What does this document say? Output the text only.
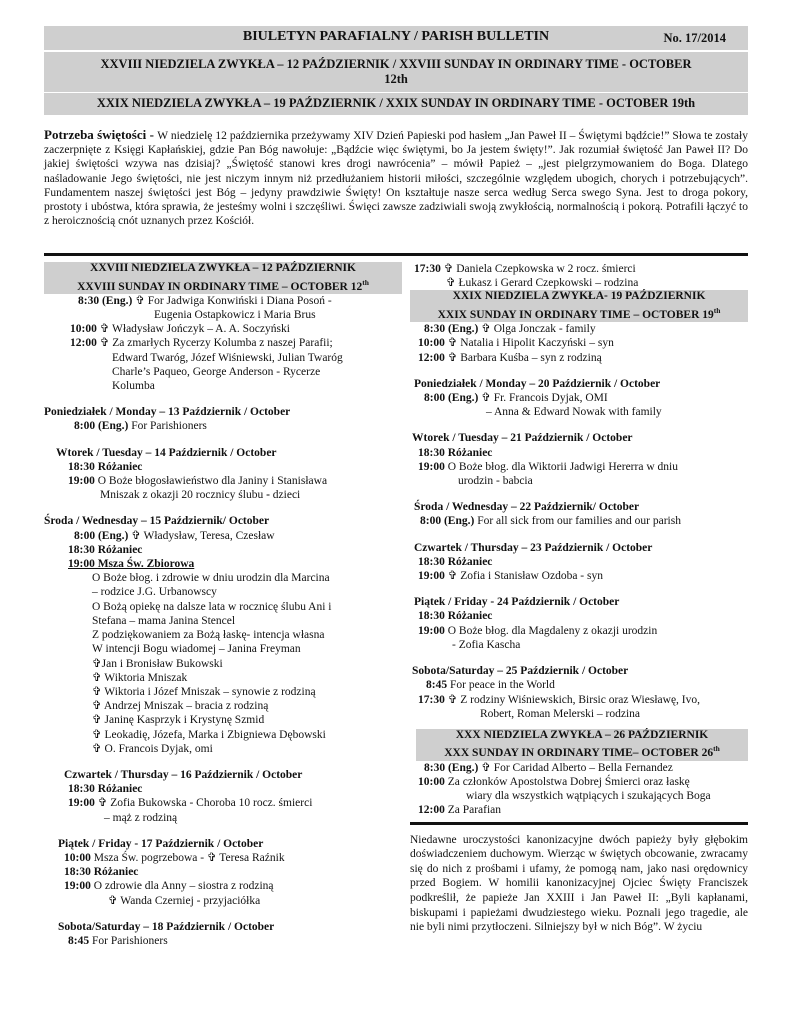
BIULETYN PARAFIALNY / PARISH BULLETIN	No. 17/2014
XXVIII NIEDZIELA ZWYKŁA – 12 PAŹDZIERNIK / XXVIII SUNDAY IN ORDINARY TIME - OCTOBER
12th
XXIX NIEDZIELA ZWYKŁA – 19 PAŹDZIERNIK / XXIX SUNDAY IN ORDINARY TIME - OCTOBER 19th
Potrzeba świętości - W niedzielę 12 października przeżywamy XIV Dzień Papieski pod hasłem „Jan Paweł II – Świętymi bądźcie!” Słowa te zostały zaczerpnięte z Księgi Kapłańskiej, gdzie Pan Bóg nawołuje: „Bądźcie więc świętymi, bo Ja jestem święty!”. Jak rozumiał świętość Jan Paweł II? Do jakiej świętości wzywa nas dzisiaj? „Świętość stanowi kres drogi nawrócenia” – mówił Papież – „jest pielgrzymowaniem do Boga. Dlatego naśladowanie Jego świętości, nie jest niczym innym niż przedłużaniem historii miłości, szczególnie względem ubogich, chorych i potrzebujących”. Fundamentem naszej świętości jest Bóg – jedyny prawdziwie Święty! On kształtuje nasze serca według Serca swego Syna. Jest to droga pokory, prostoty i ubóstwa, która sprawia, że jesteśmy wolni i szczęśliwi. Święci zawsze zadziwiali swoją zwykłością, normalnością i pokorą. Potrafili łączyć to z heroicznością cnót uznanych przez Kościół.
XXVIII NIEDZIELA ZWYKŁA – 12 PAŹDZIERNIK
XXVIII SUNDAY IN ORDINARY TIME – OCTOBER 12th
8:30 (Eng.) ✞ For Jadwiga Konwiński i Diana Posoń -
Eugenia Ostapkowicz i Maria Brus
10:00 ✞ Władysław Jończyk – A. A. Soczyński
12:00 ✞ Za zmarłych Rycerzy Kolumba z naszej Parafii;
Edward Twaróg, Józef Wiśniewski, Julian Twaróg
Charle’s Paqueo, George Anderson - Rycerze
Kolumba
Poniedziałek / Monday – 13 Październik / October
8:00 (Eng.) For Parishioners
Wtorek / Tuesday – 14 Październik / October
18:30 Różaniec
19:00 O Boże błogosławieństwo dla Janiny i Stanisława
Mniszak z okazji 20 rocznicy ślubu - dzieci
Środa / Wednesday – 15 Październik/ October
8:00 (Eng.) ✞ Władysław, Teresa, Czesław
18:30 Różaniec
19:00 Msza Św. Zbiorowa
O Boże błog. i zdrowie w dniu urodzin dla Marcina
– rodzice J.G. Urbanowscy
O Bożą opiekę na dalsze lata w rocznicę ślubu Ani i
Stefana – mama Janina Stencel
Z podziękowaniem za Bożą łaskę- intencja własna
W intencji Bogu wiadomej – Janina Freyman
✞Jan i Bronisław Bukowski
✞ Wiktoria Mniszak
✞ Wiktoria i Józef Mniszak – synowie z rodziną
✞ Andrzej Mniszak – bracia z rodziną
✞ Janinę Kasprzyk i Krystynę Szmid
✞ Leokadię, Józefa, Marka i Zbigniewa Dębowski
✞ O. Francois Dyjak, omi
Czwartek / Thursday – 16 Październik / October
18:30 Różaniec
19:00 ✞ Zofia Bukowska - Choroba 10 rocz. śmierci
– mąż z rodziną
Piątek / Friday - 17 Październik / October
10:00 Msza Św. pogrzebowa - ✞ Teresa Raźnik
18:30 Różaniec
19:00 O zdrowie dla Anny – siostra z rodziną
✞ Wanda Czerniej - przyjaciółka
Sobota/Saturday – 18 Październik / October
8:45 For Parishioners
17:30 ✞ Daniela Czepkowska w 2 rocz. śmierci
✞ Łukasz i Gerard Czepkowski – rodzina
XXIX NIEDZIELA ZWYKŁA- 19 PAŹDZIERNIK
XXIX SUNDAY IN ORDINARY TIME – OCTOBER 19th
8:30 (Eng.) ✞ Olga Jonczak - family
10:00 ✞ Natalia i Hipolit Kaczyński – syn
12:00 ✞ Barbara Kuśba – syn z rodziną
Poniedziałek / Monday – 20 Październik / October
8:00 (Eng.) ✞ Fr. Francois Dyjak, OMI
– Anna & Edward Nowak with family
Wtorek / Tuesday – 21 Październik / October
18:30 Różaniec
19:00 O Boże błog. dla Wiktorii Jadwigi Hererra w dniu
urodzin - babcia
Środa / Wednesday – 22 Październik/ October
8:00 (Eng.) For all sick from our families and our parish
Czwartek / Thursday – 23 Październik / October
18:30 Różaniec
19:00 ✞ Zofia i Stanisław Ozdoba - syn
Piątek / Friday - 24 Październik / October
18:30 Różaniec
19:00 O Boże błog. dla Magdaleny z okazji urodzin
- Zofia Kascha
Sobota/Saturday – 25 Październik / October
8:45 For peace in the World
17:30 ✞ Z rodziny Wiśniewskich, Birsic oraz Wiesławę, Ivo,
Robert, Roman Melerski – rodzina
XXX NIEDZIELA ZWYKŁA – 26 PAŹDZIERNIK
XXX SUNDAY IN ORDINARY TIME– OCTOBER 26th
8:30 (Eng.) ✞ For Caridad Alberto – Bella Fernandez
10:00 Za członków Apostolstwa Dobrej Śmierci oraz łaskę
wiary dla wszystkich wątpiących i szukających Boga
12:00 Za Parafian
Niedawne uroczystości kanonizacyjne dwóch papieży były głębokim doświadczeniem duchowym. Wierząc w świętych obcowanie, zwracamy się do nich z prośbami i ufamy, że pomogą nam, jako nasi orędownicy przed Bogiem. W homilii kanonizacyjnej Ojciec Święty Franciszek podkreślił, że papieże Jan XXIII i Jan Paweł II: „Byli kapłanami, biskupami i papieżami dwudziestego wieku. Poznali jego tragedie, ale nie byli nimi przytłoczeni. Silniejszy był w nich Bóg”. W życiu
